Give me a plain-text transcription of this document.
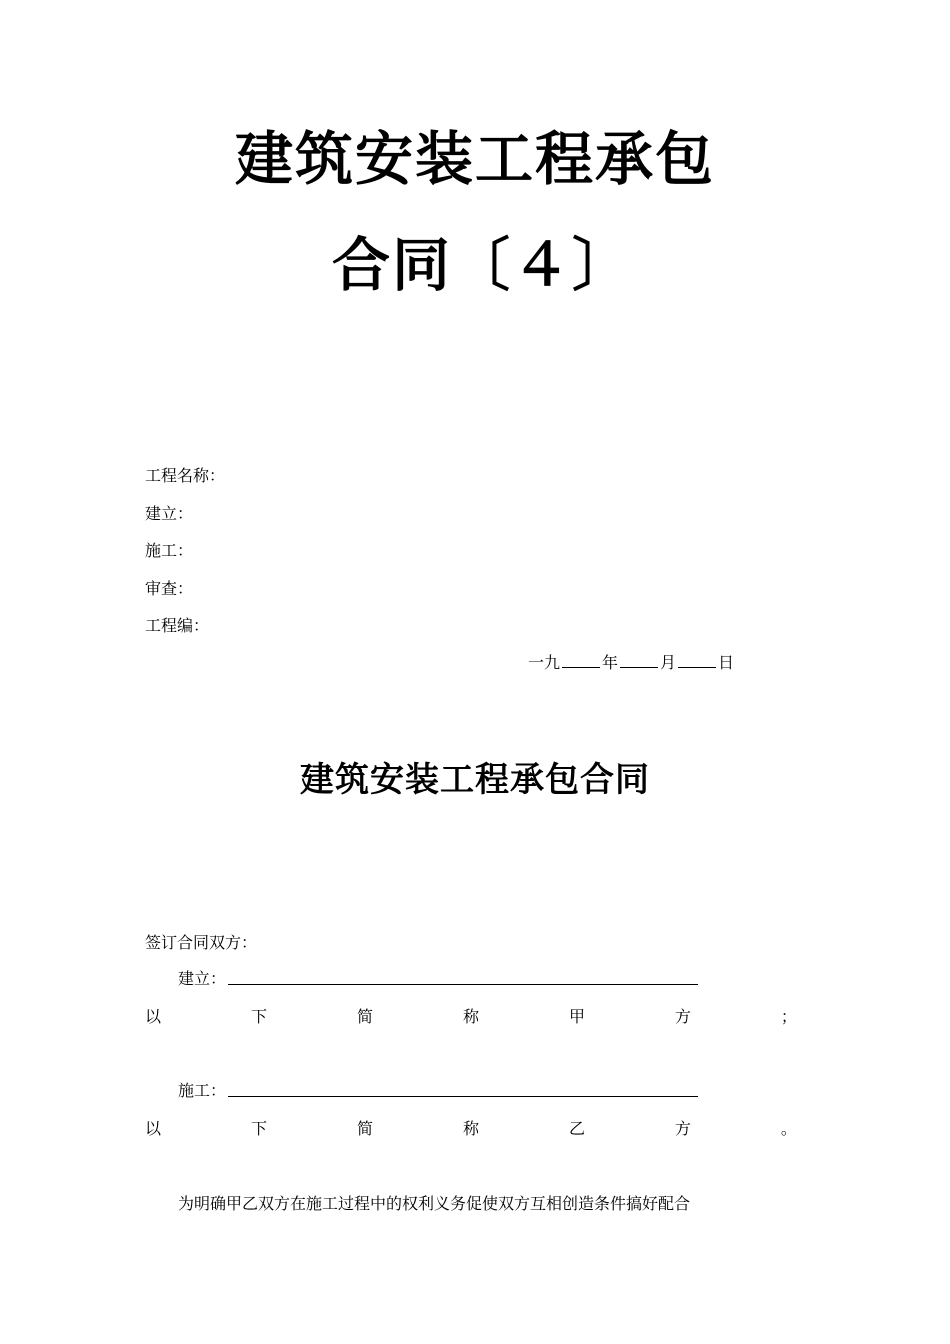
建筑安装工程承包
合同〔４〕
工程名称：
建立：
施工：
审查：
工程编：
一九	年	月	日
建筑安装工程承包合同
签订合同双方：
建立：
以	下	简	称	甲	方	；
施工：
以	下	简	称	乙	方	。
为明确甲乙双方在施工过程中的权利义务促使双方互相创造条件搞好配合
